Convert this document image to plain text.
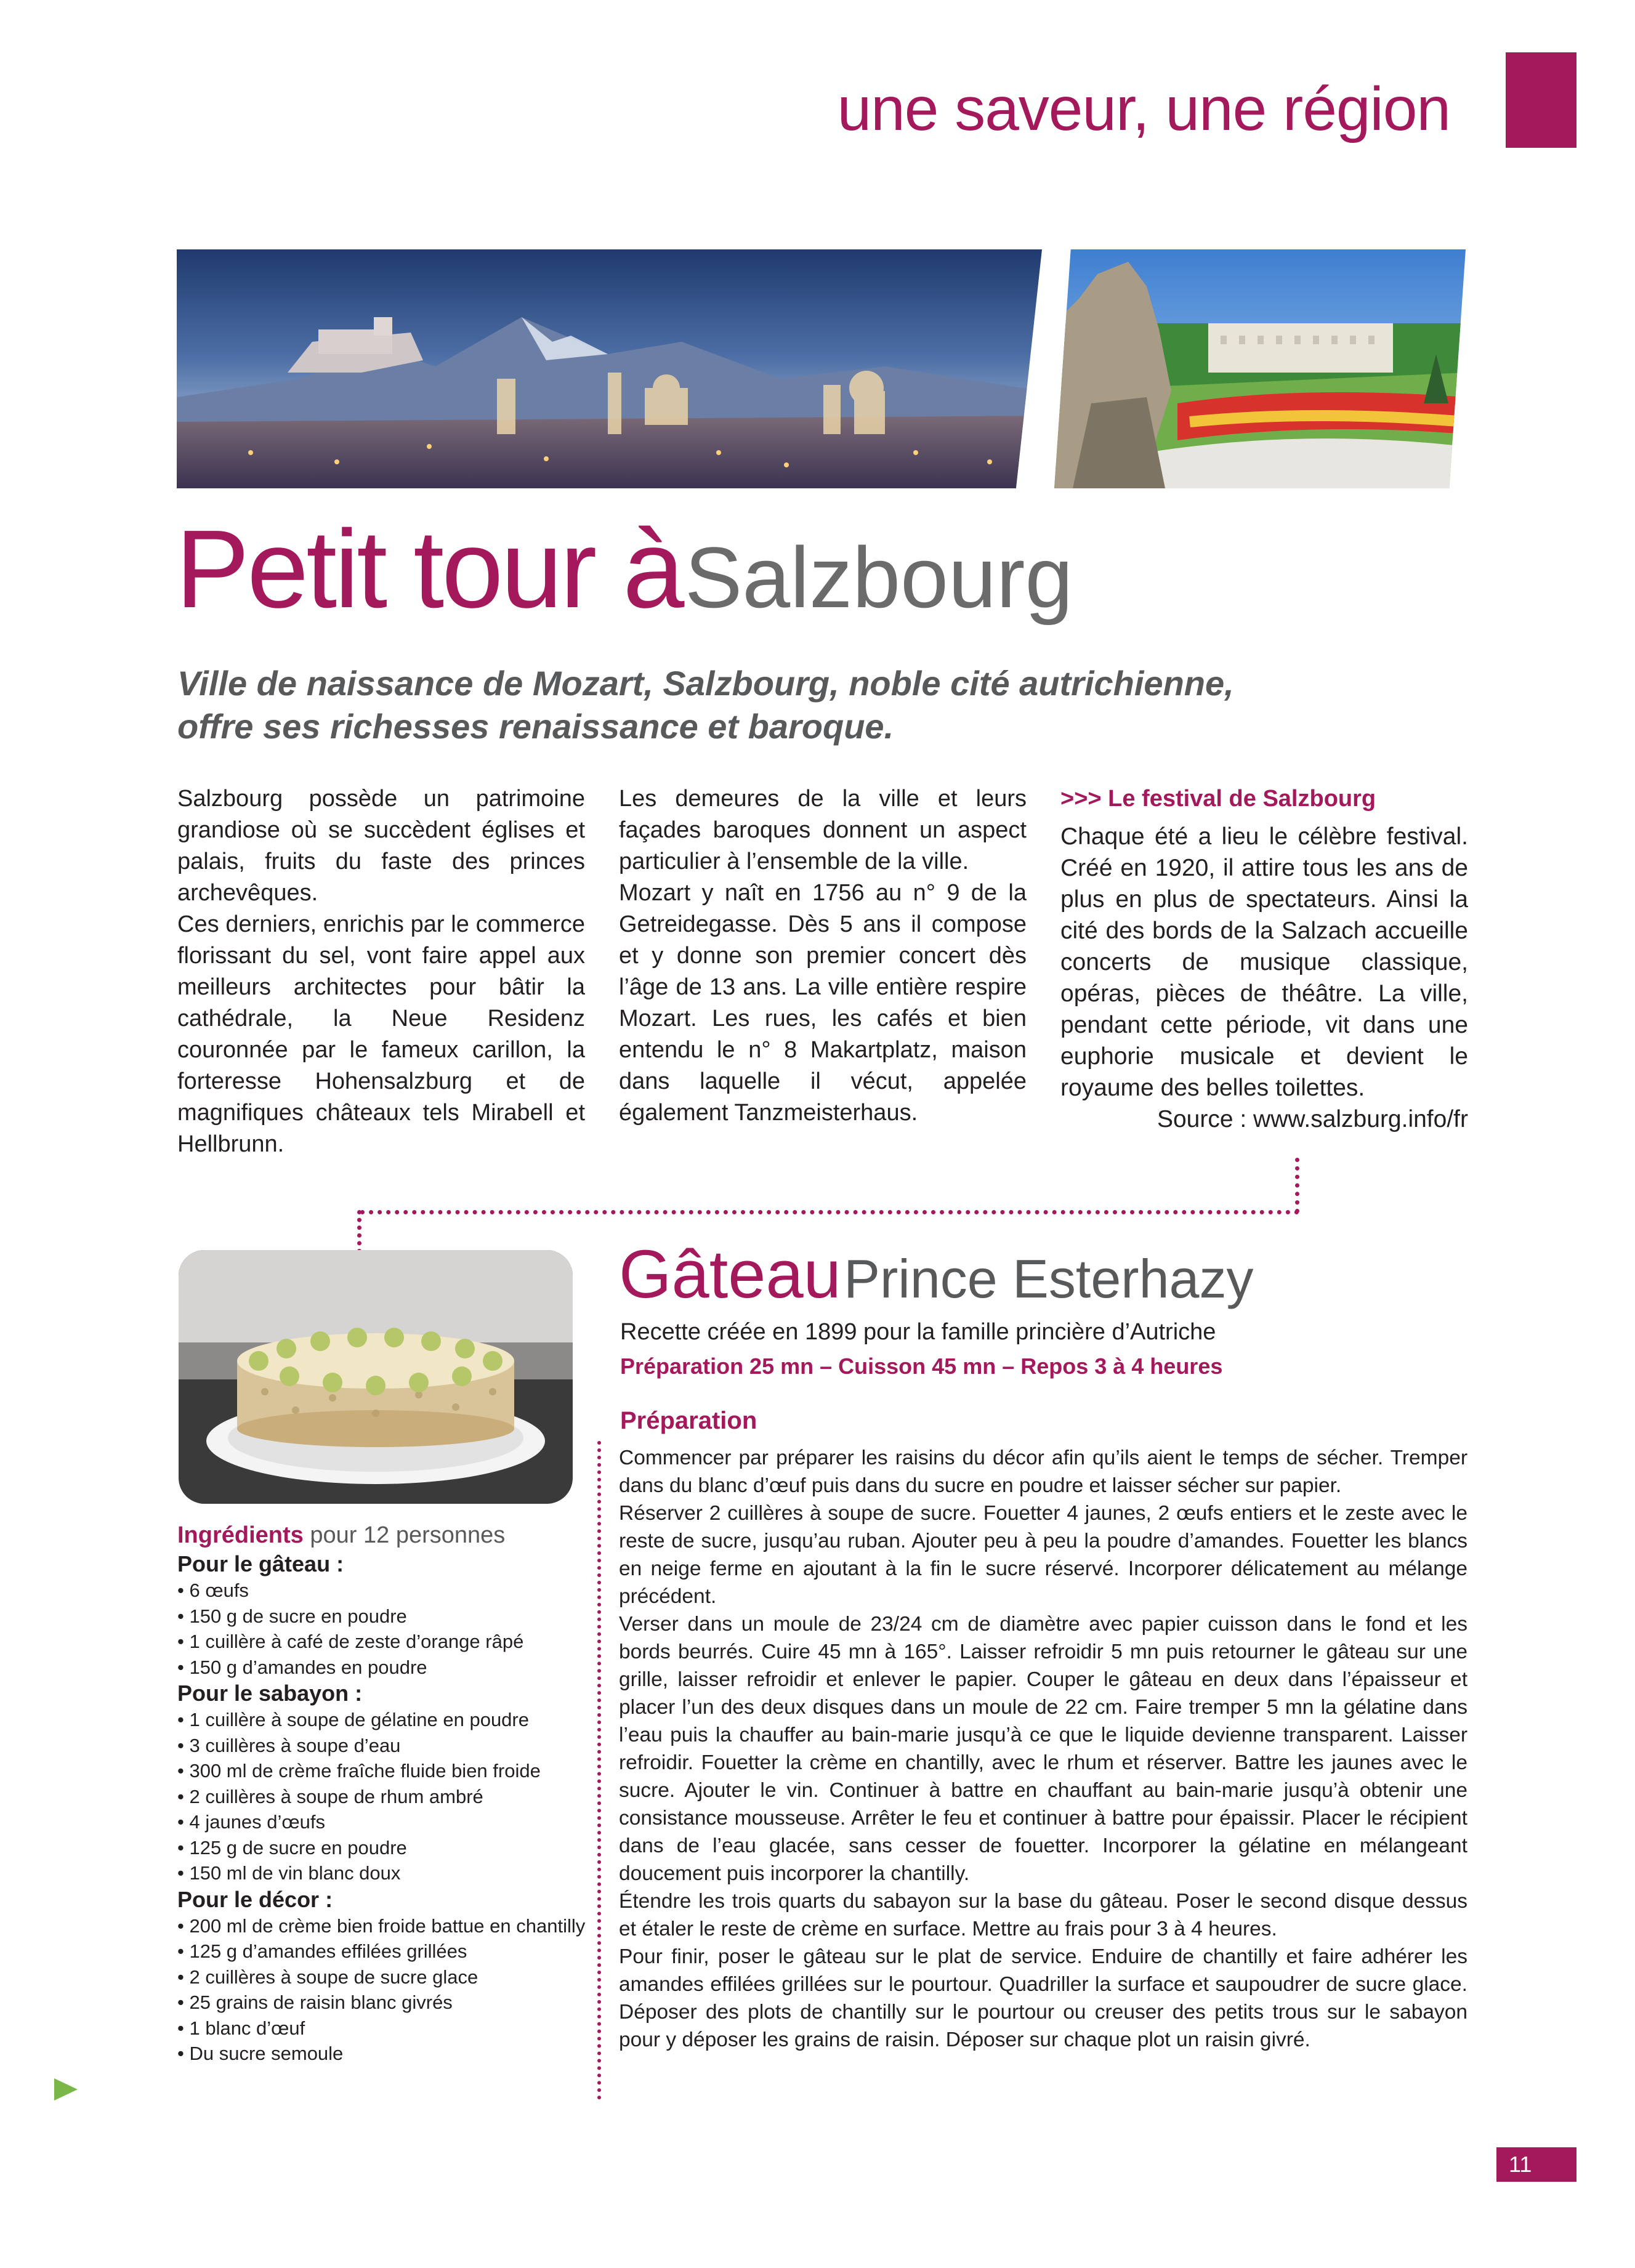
une saveur, une région
Petit tour à Salzbourg
Ville de naissance de Mozart, Salzbourg, noble cité autrichienne, offre ses richesses renaissance et baroque.

Salzbourg possède un patrimoine grandiose où se succèdent églises et palais, fruits du faste des princes archevêques.

Ces derniers, enrichis par le commerce florissant du sel, vont faire appel aux meilleurs architectes pour bâtir la cathédrale, la Neue Residenz couronnée par le fameux carillon, la forteresse Hohensalzburg et de magnifiques châteaux tels Mirabell et Hellbrunn.

Les demeures de la ville et leurs façades baroques donnent un aspect particulier à l’ensemble de la ville.

Mozart y naît en 1756 au n° 9 de la Getreidegasse. Dès 5 ans il compose et y donne son premier concert dès l’âge de 13 ans. La ville entière respire Mozart. Les rues, les cafés et bien entendu le n° 8 Makartplatz, maison dans laquelle il vécut, appelée également Tanzmeisterhaus.

>>> Le festival de Salzbourg

Chaque été a lieu le célèbre festival. Créé en 1920, il attire tous les ans de plus en plus de spectateurs. Ainsi la cité des bords de la Salzach accueille concerts de musique classique, opéras, pièces de théâtre. La ville, pendant cette période, vit dans une euphorie musicale et devient le royaume des belles toilettes.

Source : www.salzburg.info/fr

Gâteau Prince Esterhazy
Recette créée en 1899 pour la famille princière d’Autriche
Préparation 25 mn – Cuisson 45 mn – Repos 3 à 4 heures
Préparation

Commencer par préparer les raisins du décor afin qu’ils aient le temps de sécher. Tremper dans du blanc d’œuf puis dans du sucre en poudre et laisser sécher sur papier.

Réserver 2 cuillères à soupe de sucre. Fouetter 4 jaunes, 2 œufs entiers et le zeste avec le reste de sucre, jusqu’au ruban. Ajouter peu à peu la poudre d’amandes. Fouetter les blancs en neige ferme en ajoutant à la fin le sucre réservé. Incorporer délicatement au mélange précédent.

Verser dans un moule de 23/24 cm de diamètre avec papier cuisson dans le fond et les bords beurrés. Cuire 45 mn à 165°. Laisser refroidir 5 mn puis retourner le gâteau sur une grille, laisser refroidir et enlever le papier. Couper le gâteau en deux dans l’épaisseur et placer l’un des deux disques dans un moule de 22 cm. Faire tremper 5 mn la gélatine dans l’eau puis la chauffer au bain-marie jusqu’à ce que le liquide devienne transparent. Laisser refroidir. Fouetter la crème en chantilly, avec le rhum et réserver. Battre les jaunes avec le sucre. Ajouter le vin. Continuer à battre en chauffant au bain-marie jusqu’à obtenir une consistance mousseuse. Arrêter le feu et continuer à battre pour épaissir. Placer le récipient dans de l’eau glacée, sans cesser de fouetter. Incorporer la gélatine en mélangeant doucement puis incorporer la chantilly.

Étendre les trois quarts du sabayon sur la base du gâteau. Poser le second disque dessus et étaler le reste de crème en surface. Mettre au frais pour 3 à 4 heures.

Pour finir, poser le gâteau sur le plat de service. Enduire de chantilly et faire adhérer les amandes effilées grillées sur le pourtour. Quadriller la surface et saupoudrer de sucre glace. Déposer des plots de chantilly sur le pourtour ou creuser des petits trous sur le sabayon pour y déposer les grains de raisin. Déposer sur chaque plot un raisin givré.

Ingrédients pour 12 personnes
Pour le gâteau :
• 6 œufs
• 150 g de sucre en poudre
• 1 cuillère à café de zeste d’orange râpé
• 150 g d’amandes en poudre
Pour le sabayon :
• 1 cuillère à soupe de gélatine en poudre
• 3 cuillères à soupe d’eau
• 300 ml de crème fraîche fluide bien froide
• 2 cuillères à soupe de rhum ambré
• 4 jaunes d’œufs
• 125 g de sucre en poudre
• 150 ml de vin blanc doux
Pour le décor :
• 200 ml de crème bien froide battue en chantilly
• 125 g d’amandes effilées grillées
• 2 cuillères à soupe de sucre glace
• 25 grains de raisin blanc givrés
• 1 blanc d’œuf
• Du sucre semoule
11
